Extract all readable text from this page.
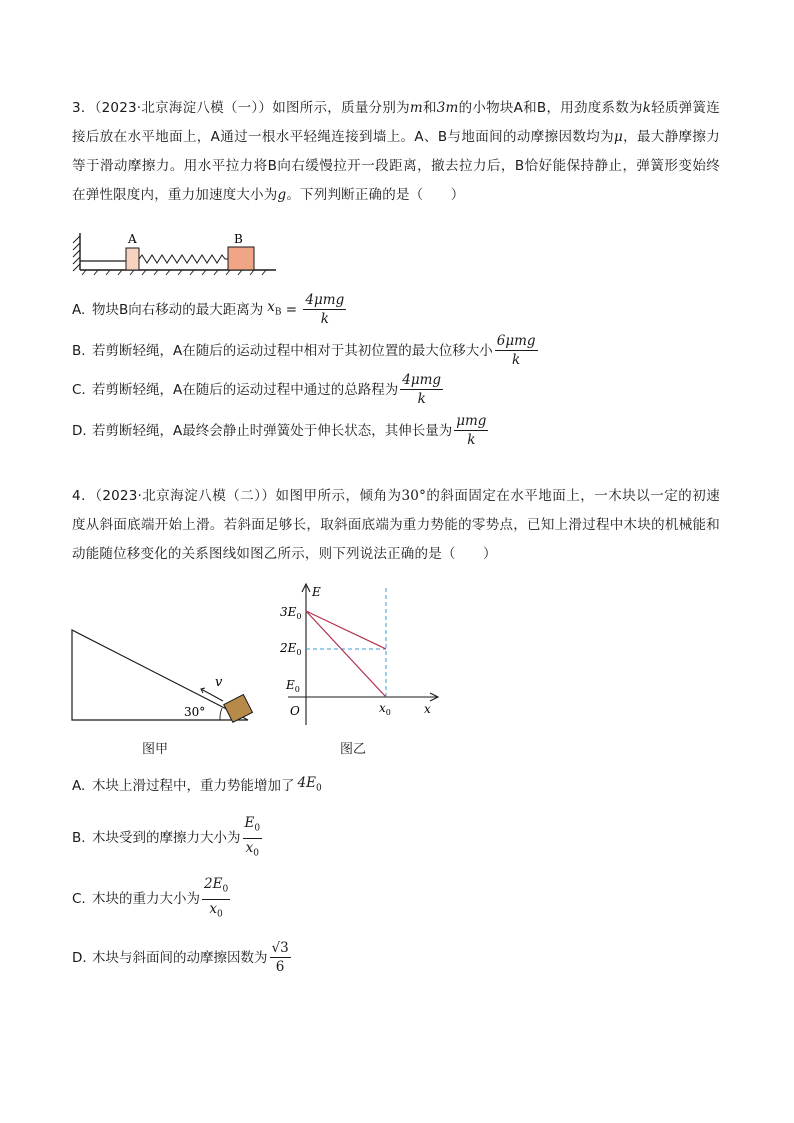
3．（2023·北京海淀八模（一））如图所示，质量分别为m和3m的小物块A和B，用劲度系数为k轻质弹簧连接后放在水平地面上，A通过一根水平轻绳连接到墙上。A、B与地面间的动摩擦因数均为μ，最大静摩擦力等于滑动摩擦力。用水平拉力将B向右缓慢拉开一段距离，撤去拉力后，B恰好能保持静止，弹簧形变始终在弹性限度内，重力加速度大小为g。下列判断正确的是（　　）
A	B
A. 物块B向右移动的最大距离为 $x_B = \frac{\text{4μmg}}{k}$
B. 若剪断轻绳，A在随后的运动过程中相对于其初位置的最大位移大小 $\frac{\text{6μmg}}{k}$
C. 若剪断轻绳，A在随后的运动过程中通过的总路程为 $\frac{\text{4μmg}}{k}$
D. 若剪断轻绳，A最终会静止时弹簧处于伸长状态，其伸长量为 $\frac{\text{μmg}}{k}$
4．（2023·北京海淀八模（二））如图甲所示，倾角为30°的斜面固定在水平地面上，一木块以一定的初速度从斜面底端开始上滑。若斜面足够长，取斜面底端为重力势能的零势点，已知上滑过程中木块的机械能和动能随位移变化的关系图线如图乙所示，则下列说法正确的是（　　）
30°
v
图甲
E
x
O
$3E_0$
$2E_0$
$E_0$
$x_0$
图乙
A. 木块上滑过程中，重力势能增加了 $4E_0$
B. 木块受到的摩擦力大小为 $\frac{E_0}{x_0}$
C. 木块的重力大小为 $\frac{2E_0}{x_0}$
D. 木块与斜面间的动摩擦因数为 $\frac{√3}{6}$
